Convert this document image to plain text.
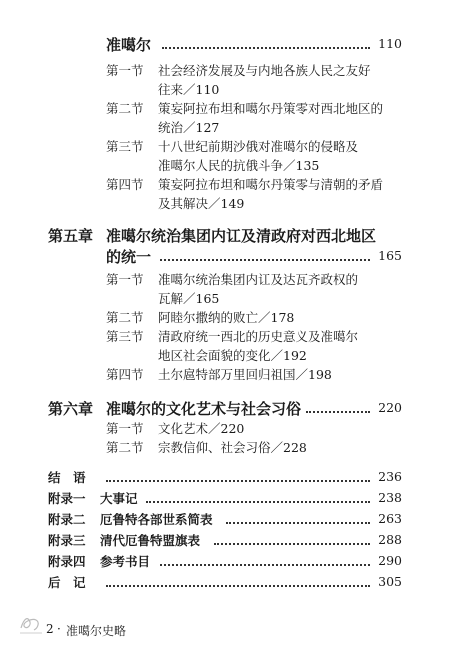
准噶尔	110
第一节 社会经济发展及与内地各族人民之友好
往来／110
第二节 策妄阿拉布坦和噶尔丹策零对西北地区的
统治／127
第三节 十八世纪前期沙俄对准噶尔的侵略及
准噶尔人民的抗俄斗争／135
第四节 策妄阿拉布坦和噶尔丹策零与清朝的矛盾
及其解决／149
第五章 准噶尔统治集团内讧及清政府对西北地区
的统一	165
第一节 准噶尔统治集团内讧及达瓦齐政权的
瓦解／165
第二节 阿睦尔撒纳的败亡／178
第三节 清政府统一西北的历史意义及准噶尔
地区社会面貌的变化／192
第四节 土尔扈特部万里回归祖国／198
第六章 准噶尔的文化艺术与社会习俗	220
第一节 文化艺术／220
第二节 宗教信仰、社会习俗／228
结　语	236
附录一 大事记	238
附录二 厄鲁特各部世系简表	263
附录三 清代厄鲁特盟旗表	288
附录四 参考书目	290
后　记	305
2 · 准噶尔史略
